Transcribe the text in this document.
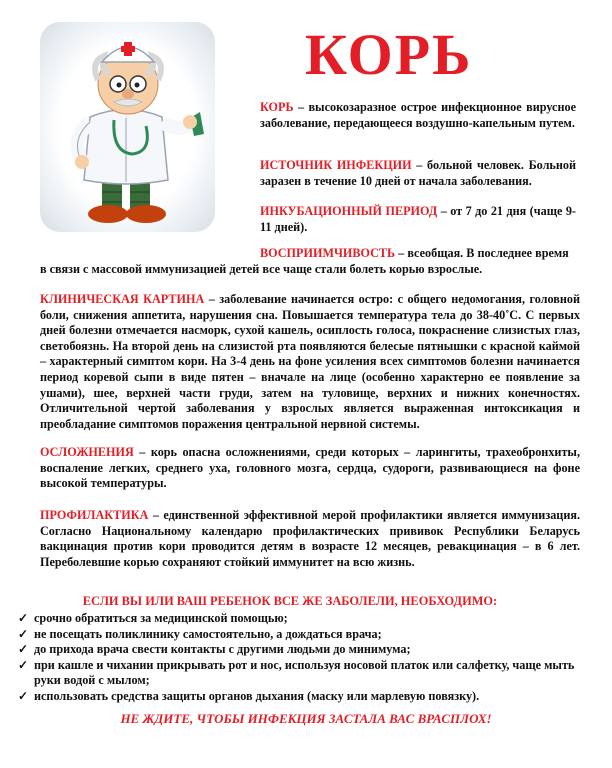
КОРЬ

КОРЬ – высокозаразное острое инфекционное вирусное заболевание, передающееся воздушно-капельным путем.

ИСТОЧНИК ИНФЕКЦИИ – больной человек. Больной заразен в течение 10 дней от начала заболевания.

ИНКУБАЦИОННЫЙ ПЕРИОД – от 7 до 21 дня (чаще 9-11 дней).

ВОСПРИИМЧИВОСТЬ – всеобщая. В последнее время

в связи с массовой иммунизацией детей все чаще стали болеть корью взрослые.

КЛИНИЧЕСКАЯ КАРТИНА – заболевание начинается остро: с общего недомогания, головной боли, снижения аппетита, нарушения сна. Повышается температура тела до 38-40˚С. С первых дней болезни отмечается насморк, сухой кашель, осиплость голоса, покраснение слизистых глаз, светобоязнь. На второй день на слизистой рта появляются белесые пятнышки с красной каймой – характерный симптом кори. На 3-4 день на фоне усиления всех симптомов болезни начинается период коревой сыпи в виде пятен – вначале на лице (особенно характерно ее появление за ушами), шее, верхней части груди, затем на туловище, верхних и нижних конечностях. Отличительной чертой заболевания у взрослых является выраженная интоксикация и преобладание симптомов поражения центральной нервной системы.

ОСЛОЖНЕНИЯ – корь опасна осложнениями, среди которых – ларингиты, трахеобронхиты, воспаление легких, среднего уха, головного мозга, сердца, судороги, развивающиеся на фоне высокой температуры.

ПРОФИЛАКТИКА – единственной эффективной мерой профилактики является иммунизация. Согласно Национальному календарю профилактических прививок Республики Беларусь вакцинация против кори проводится детям в возрасте 12 месяцев, ревакцинация – в 6 лет. Переболевшие корью сохраняют стойкий иммунитет на всю жизнь.

ЕСЛИ ВЫ ИЛИ ВАШ РЕБЕНОК ВСЕ ЖЕ ЗАБОЛЕЛИ, НЕОБХОДИМО:

✓ срочно обратиться за медицинской помощью;
✓ не посещать поликлинику самостоятельно, а дождаться врача;
✓ до прихода врача свести контакты с другими людьми до минимума;
✓ при кашле и чихании прикрывать рот и нос, используя носовой платок или салфетку, чаще мыть руки водой с мылом;
✓ использовать средства защиты органов дыхания (маску или марлевую повязку).

НЕ ЖДИТЕ, ЧТОБЫ ИНФЕКЦИЯ ЗАСТАЛА ВАС ВРАСПЛОХ!
